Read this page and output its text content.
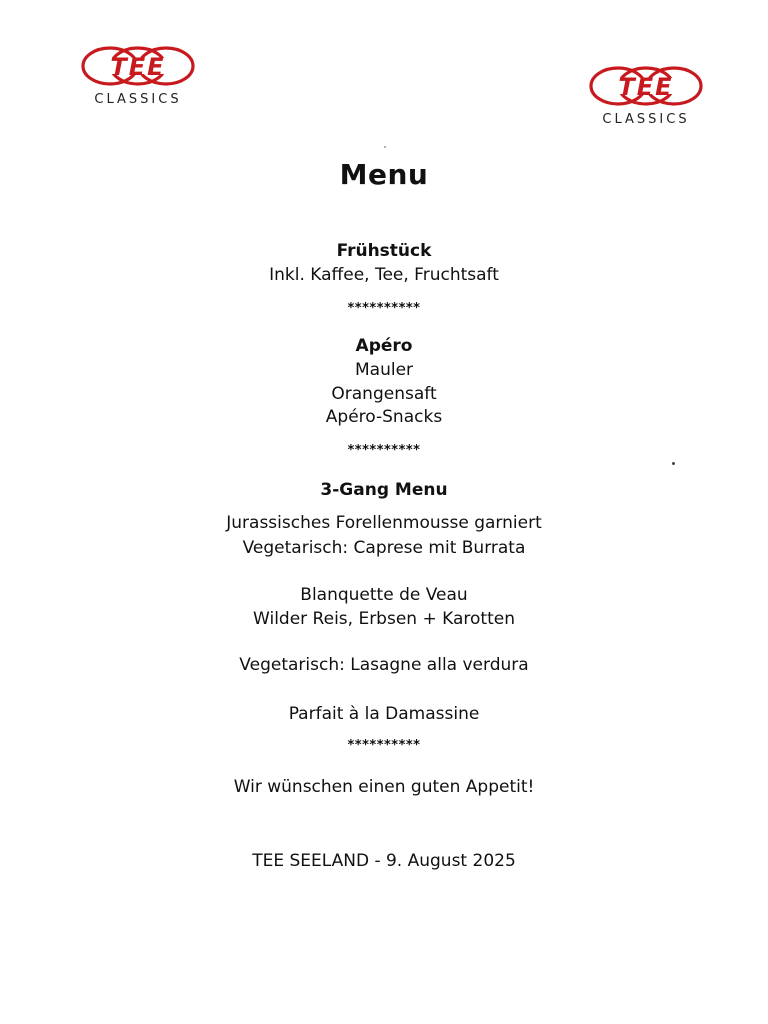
TEE
CLASSICS	TEE
CLASSICS
Menu
Frühstück
Inkl. Kaffee, Tee, Fruchtsaft
**********
Apéro
Mauler
Orangensaft
Apéro-Snacks
**********
3-Gang Menu
Jurassisches Forellenmousse garniert
Vegetarisch: Caprese mit Burrata
Blanquette de Veau
Wilder Reis, Erbsen + Karotten
Vegetarisch: Lasagne alla verdura
Parfait à la Damassine
**********
Wir wünschen einen guten Appetit!
TEE SEELAND - 9. August 2025
